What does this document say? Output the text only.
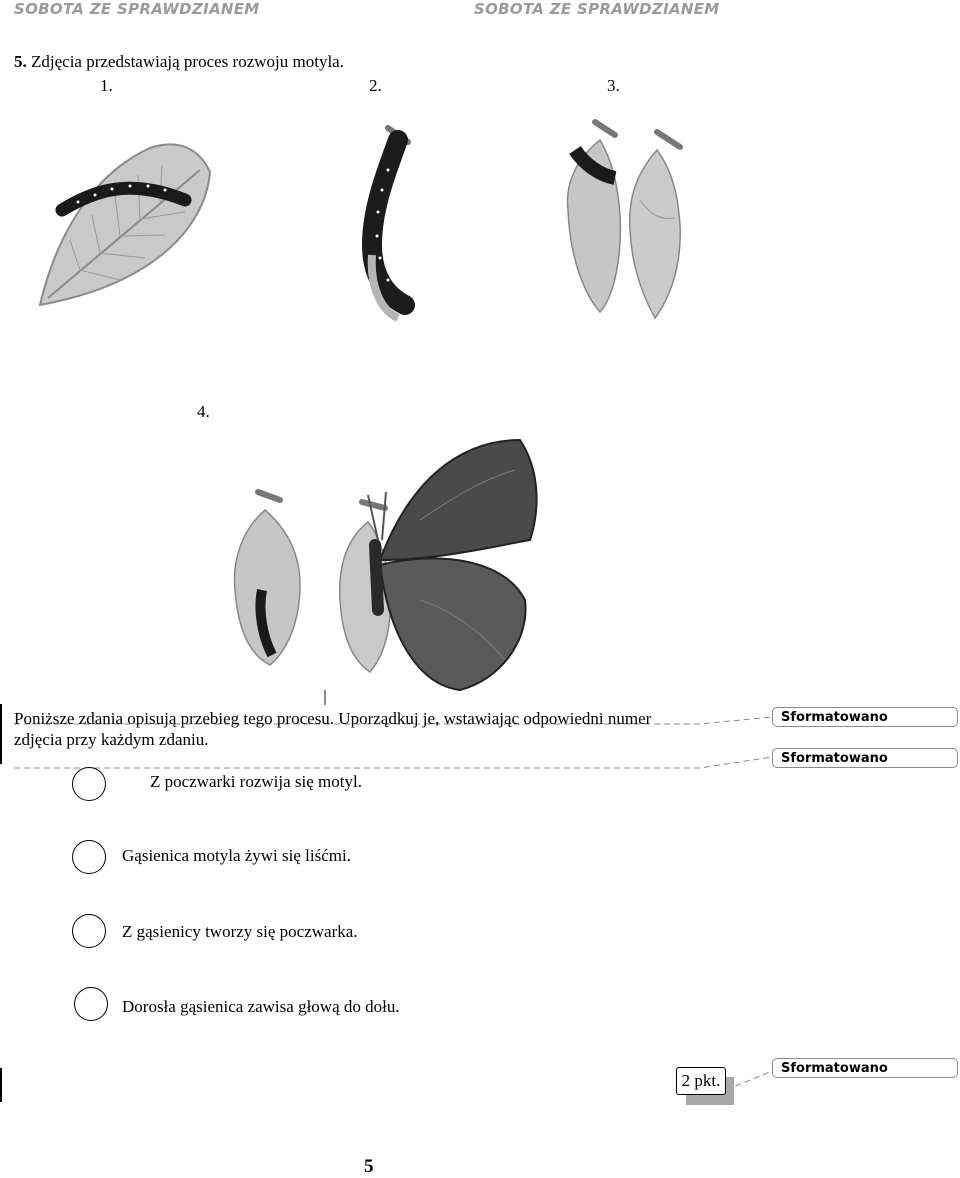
SOBOTA ZE SPRAWDZIANEM	SOBOTA ZE SPRAWDZIANEM
5. Zdjęcia przedstawiają proces rozwoju motyla.
1.	2.	3.
4.
Poniższe zdania opisują przebieg tego procesu. Uporządkuj je, wstawiając odpowiedni numer
zdjęcia przy każdym zdaniu.
Z poczwarki rozwija się motyl.
Gąsienica motyla żywi się liśćmi.
Z gąsienicy tworzy się poczwarka.
Dorosła gąsienica zawisa głową do dołu.
Sformatowano
Sformatowano
Sformatowano
2 pkt.
5
